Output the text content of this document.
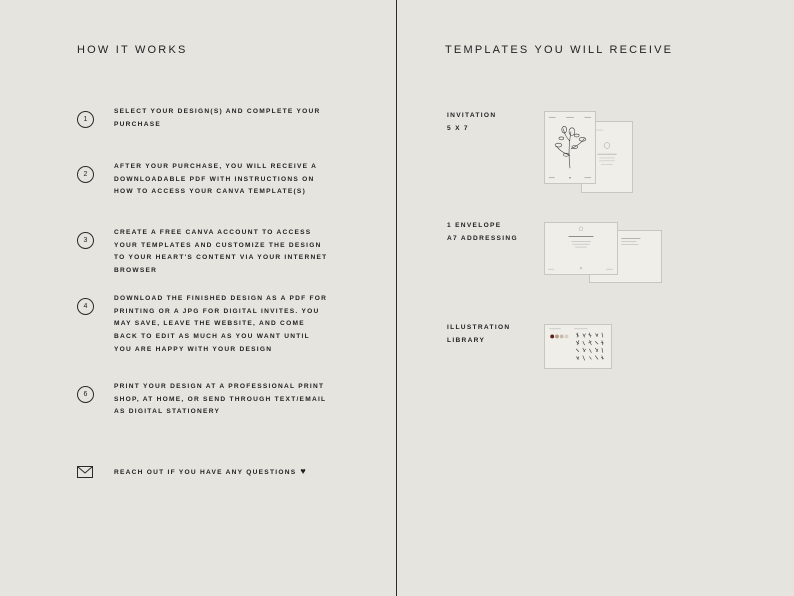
HOW IT WORKS
1
SELECT YOUR DESIGN(S) AND COMPLETE YOUR PURCHASE
2
AFTER YOUR PURCHASE, YOU WILL RECEIVE A DOWNLOADABLE PDF WITH INSTRUCTIONS ON HOW TO ACCESS YOUR CANVA TEMPLATE(S)
3
CREATE A FREE CANVA ACCOUNT TO ACCESS YOUR TEMPLATES AND CUSTOMIZE THE DESIGN TO YOUR HEART'S CONTENT VIA YOUR INTERNET BROWSER
4
DOWNLOAD THE FINISHED DESIGN AS A PDF FOR PRINTING OR A JPG FOR DIGITAL INVITES. YOU MAY SAVE, LEAVE THE WEBSITE, AND COME BACK TO EDIT AS MUCH AS YOU WANT UNTIL YOU ARE HAPPY WITH YOUR DESIGN
6
PRINT YOUR DESIGN AT A PROFESSIONAL PRINT SHOP, AT HOME, OR SEND THROUGH TEXT/EMAIL AS DIGITAL STATIONERY
REACH OUT IF YOU HAVE ANY QUESTIONS ♥
TEMPLATES YOU WILL RECEIVE
INVITATION
5 X 7
1 ENVELOPE
A7 ADDRESSING
ILLUSTRATION
LIBRARY
